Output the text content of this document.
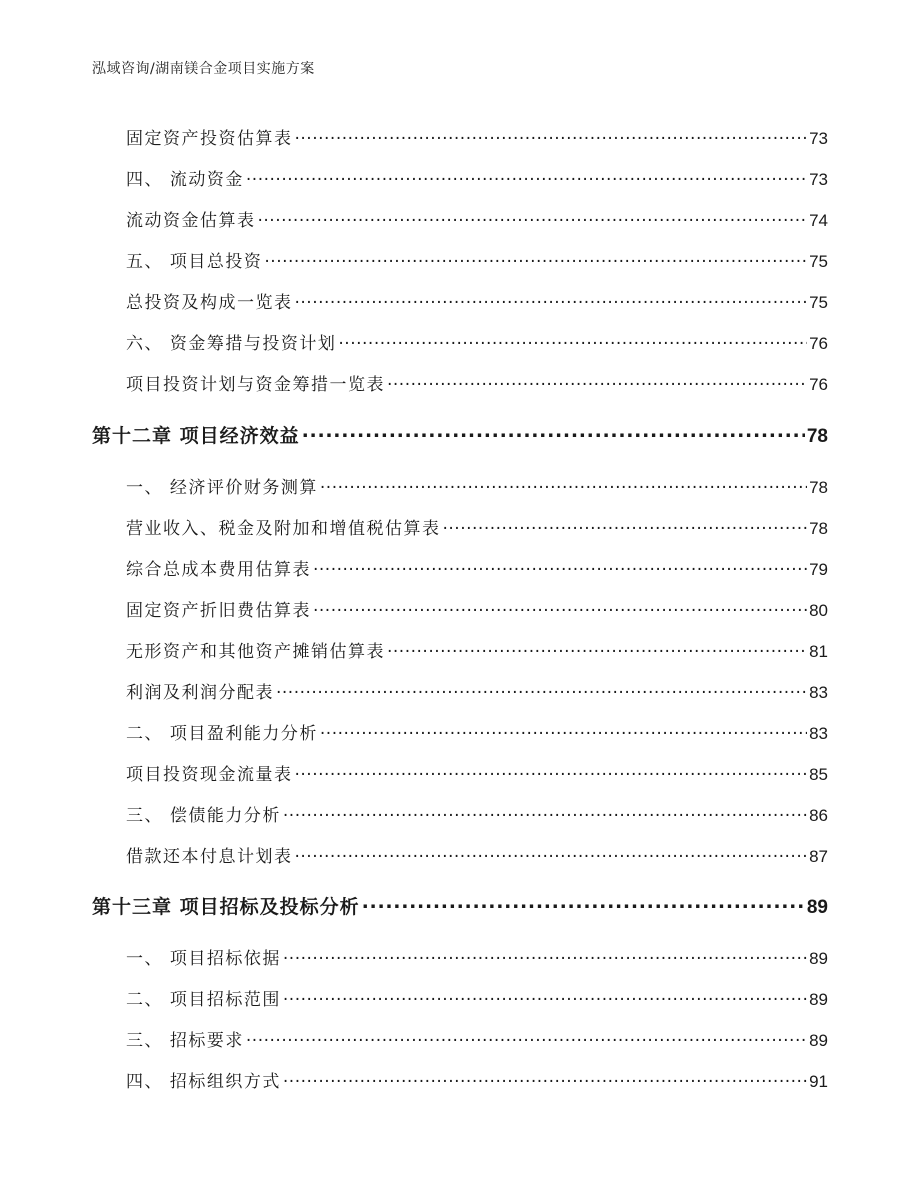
泓域咨询/湖南镁合金项目实施方案
固定资产投资估算表 .....	73
四、 流动资金 .....	73
流动资金估算表 .....	74
五、 项目总投资 .....	75
总投资及构成一览表 .....	75
六、 资金筹措与投资计划 .....	76
项目投资计划与资金筹措一览表 .....	76
第十二章 项目经济效益 .....	78
一、 经济评价财务测算 .....	78
营业收入、税金及附加和增值税估算表 .....	78
综合总成本费用估算表 .....	79
固定资产折旧费估算表 .....	80
无形资产和其他资产摊销估算表 .....	81
利润及利润分配表 .....	83
二、 项目盈利能力分析 .....	83
项目投资现金流量表 .....	85
三、 偿债能力分析 .....	86
借款还本付息计划表 .....	87
第十三章 项目招标及投标分析 .....	89
一、 项目招标依据 .....	89
二、 项目招标范围 .....	89
三、 招标要求 .....	89
四、 招标组织方式 .....	91
